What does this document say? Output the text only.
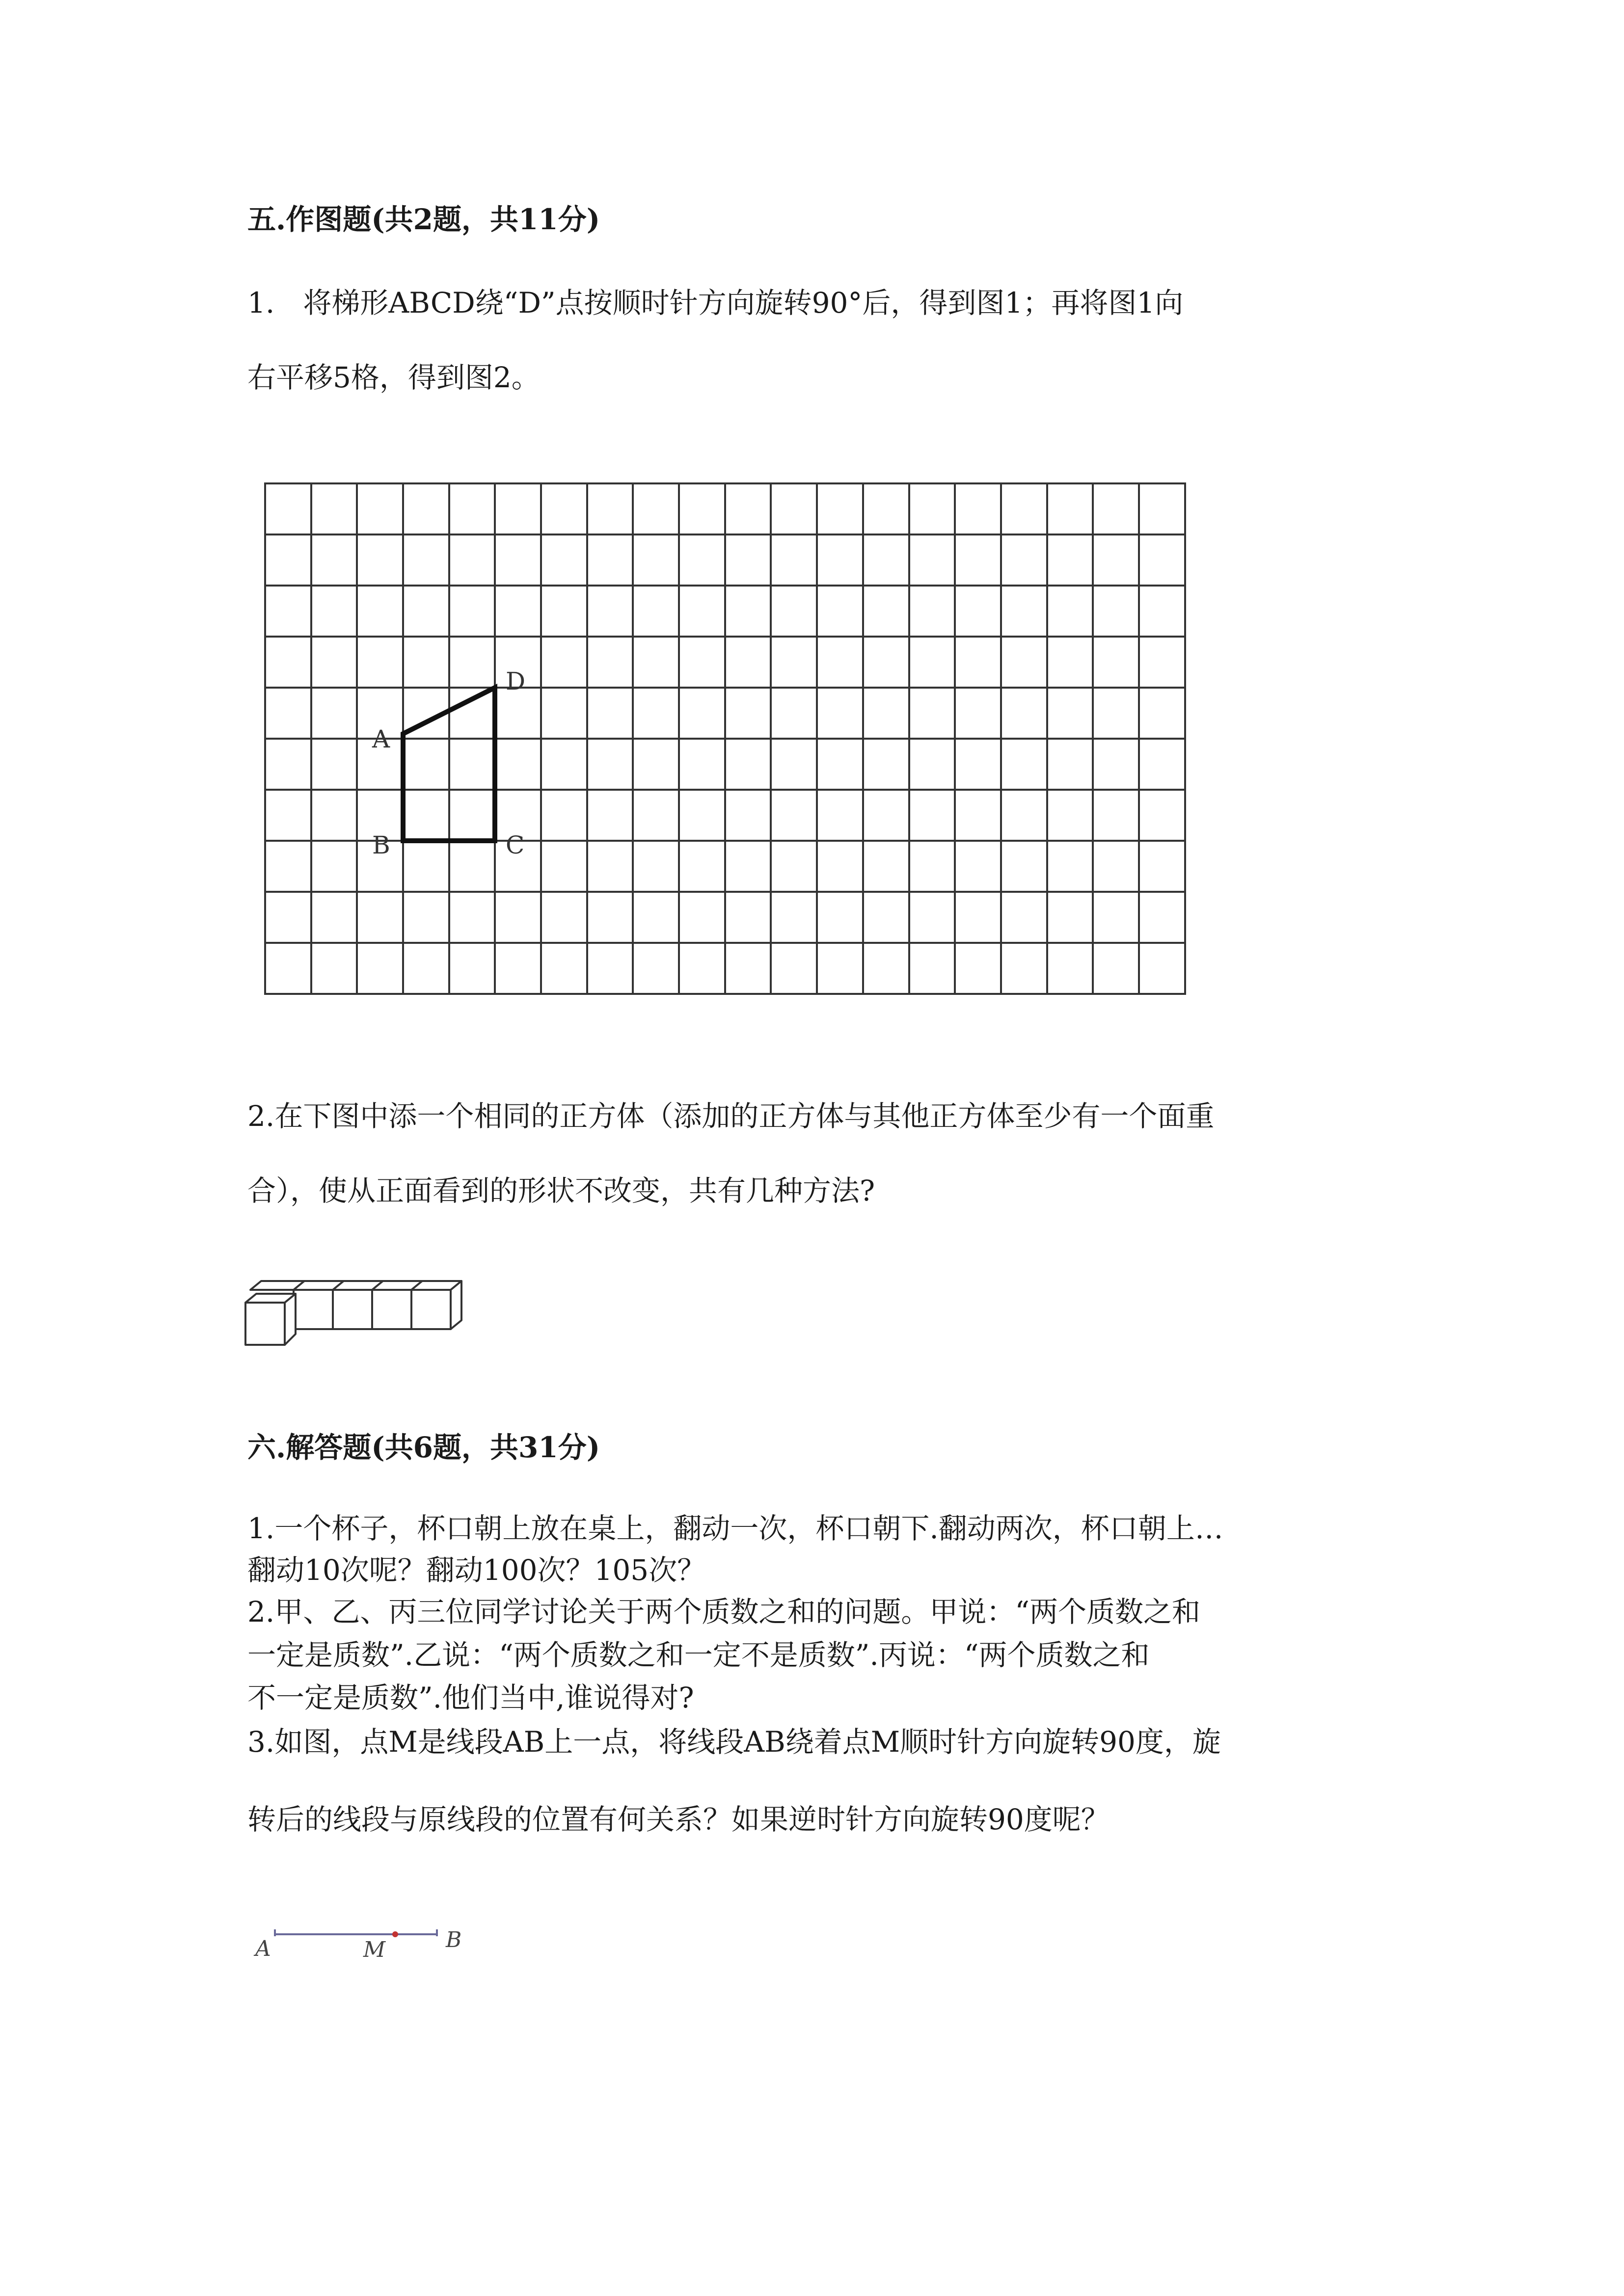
五.作图题(共2题，共11分)
1.　将梯形ABCD绕“D”点按顺时针方向旋转90°后，得到图1；再将图1向
右平移5格，得到图2。
A
B	C
D
2.在下图中添一个相同的正方体（添加的正方体与其他正方体至少有一个面重
合），使从正面看到的形状不改变，共有几种方法?
六.解答题(共6题，共31分)
1.一个杯子，杯口朝上放在桌上，翻动一次，杯口朝下.翻动两次，杯口朝上…
翻动10次呢？翻动100次？105次？
2.甲、乙、丙三位同学讨论关于两个质数之和的问题。甲说：“两个质数之和
一定是质数”.乙说：“两个质数之和一定不是质数”.丙说：“两个质数之和
不一定是质数”.他们当中,谁说得对?
3.如图，点M是线段AB上一点，将线段AB绕着点M顺时针方向旋转90度，旋
转后的线段与原线段的位置有何关系？如果逆时针方向旋转90度呢？
A	M	B
